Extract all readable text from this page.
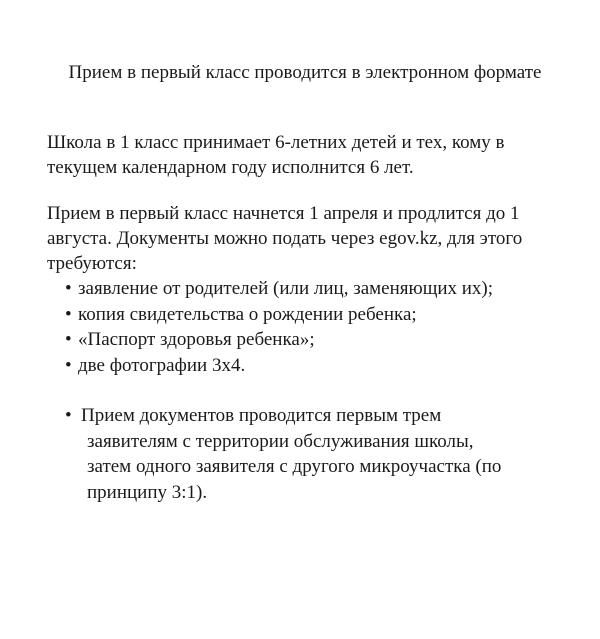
Прием в первый класс проводится в электронном формате

Школа в 1 класс принимает 6-летних детей и тех, кому в текущем календарном году исполнится 6 лет.

Прием в первый класс начнется 1 апреля и продлится до 1 августа. Документы можно подать через egov.kz, для этого требуются:

• заявление от родителей (или лиц, заменяющих их);
• копия свидетельства о рождении ребенка;
• «Паспорт здоровья ребенка»;
• две фотографии 3х4.
• Прием документов проводится первым трем
заявителям с территории обслуживания школы,
затем одного заявителя с другого микроучастка (по
принципу 3:1).
